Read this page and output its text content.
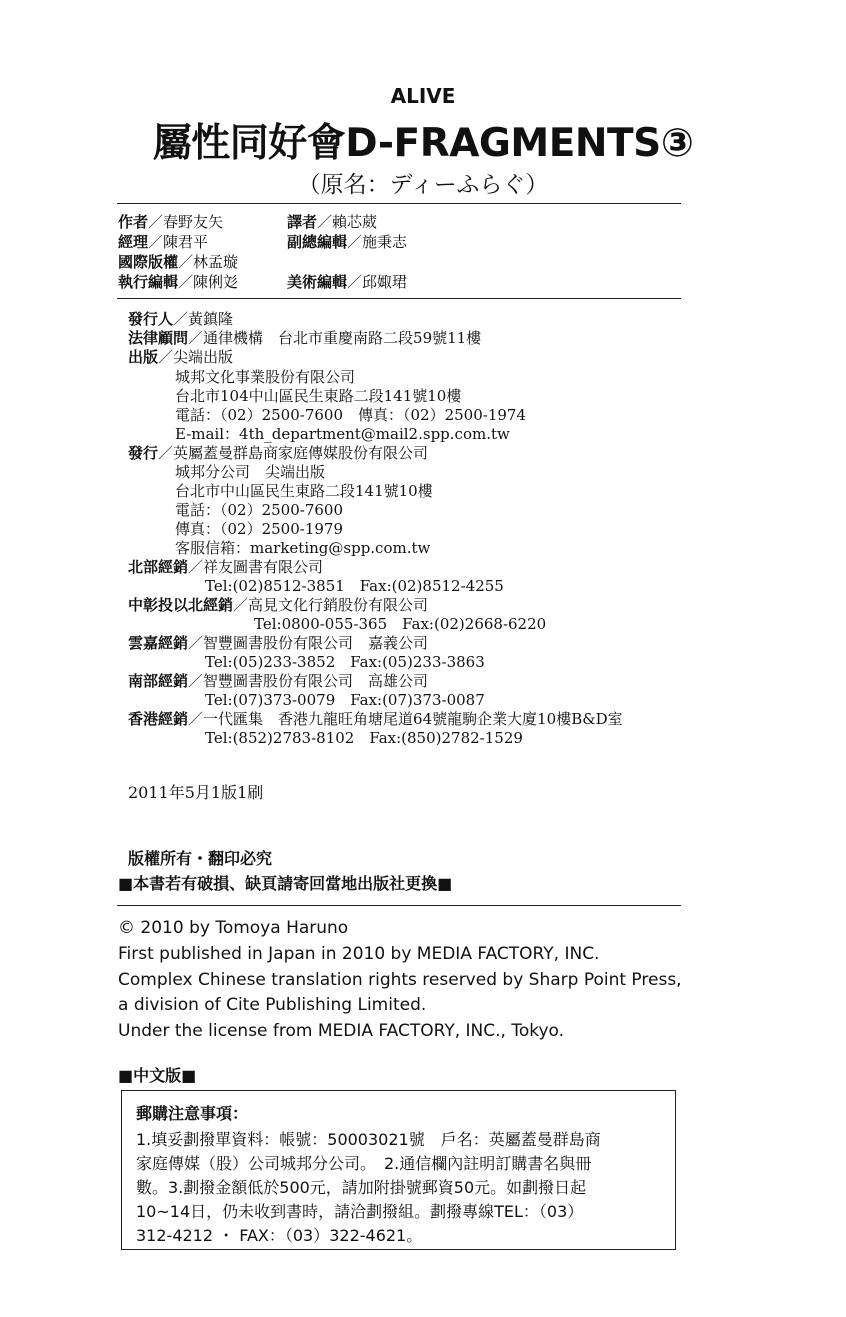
ALIVE
屬性同好會D-FRAGMENTS③
（原名：ディーふらぐ）
作者／春野友矢	譯者／賴芯葳
經理／陳君平	副總編輯／施秉志
國際版權／林孟璇
執行編輯／陳俐彣	美術編輯／邱娵珺
發行人／黃鎮隆
法律顧問／通律機構　台北市重慶南路二段59號11樓
出版／尖端出版
城邦文化事業股份有限公司
台北市104中山區民生東路二段141號10樓
電話：（02）2500-7600　傳真：（02）2500-1974
E-mail：4th_department@mail2.spp.com.tw
發行／英屬蓋曼群島商家庭傳媒股份有限公司
城邦分公司　尖端出版
台北市中山區民生東路二段141號10樓
電話：（02）2500-7600
傳真：（02）2500-1979
客服信箱：marketing@spp.com.tw
北部經銷／祥友圖書有限公司
Tel:(02)8512-3851　Fax:(02)8512-4255
中彰投以北經銷／高見文化行銷股份有限公司
Tel:0800-055-365　Fax:(02)2668-6220
雲嘉經銷／智豐圖書股份有限公司　嘉義公司
Tel:(05)233-3852　Fax:(05)233-3863
南部經銷／智豐圖書股份有限公司　高雄公司
Tel:(07)373-0079　Fax:(07)373-0087
香港經銷／一代匯集　香港九龍旺角塘尾道64號龍駒企業大廈10樓B&D室
Tel:(852)2783-8102　Fax:(850)2782-1529
2011年5月1版1刷
版權所有・翻印必究
■本書若有破損、缺頁請寄回當地出版社更換■
© 2010 by Tomoya Haruno
First published in Japan in 2010 by MEDIA FACTORY, INC.
Complex Chinese translation rights reserved by Sharp Point Press,
a division of Cite Publishing Limited.
Under the license from MEDIA FACTORY, INC., Tokyo.
■中文版■
郵購注意事項：
1.填妥劃撥單資料：帳號：50003021號　戶名：英屬蓋曼群島商
家庭傳媒（股）公司城邦分公司。　2.通信欄內註明訂購書名與冊
數。3.劃撥金額低於500元，請加附掛號郵資50元。如劃撥日起
10~14日，仍未收到書時，請洽劃撥組。劃撥專線TEL：（03）
312-4212 ・ FAX：（03）322-4621。
